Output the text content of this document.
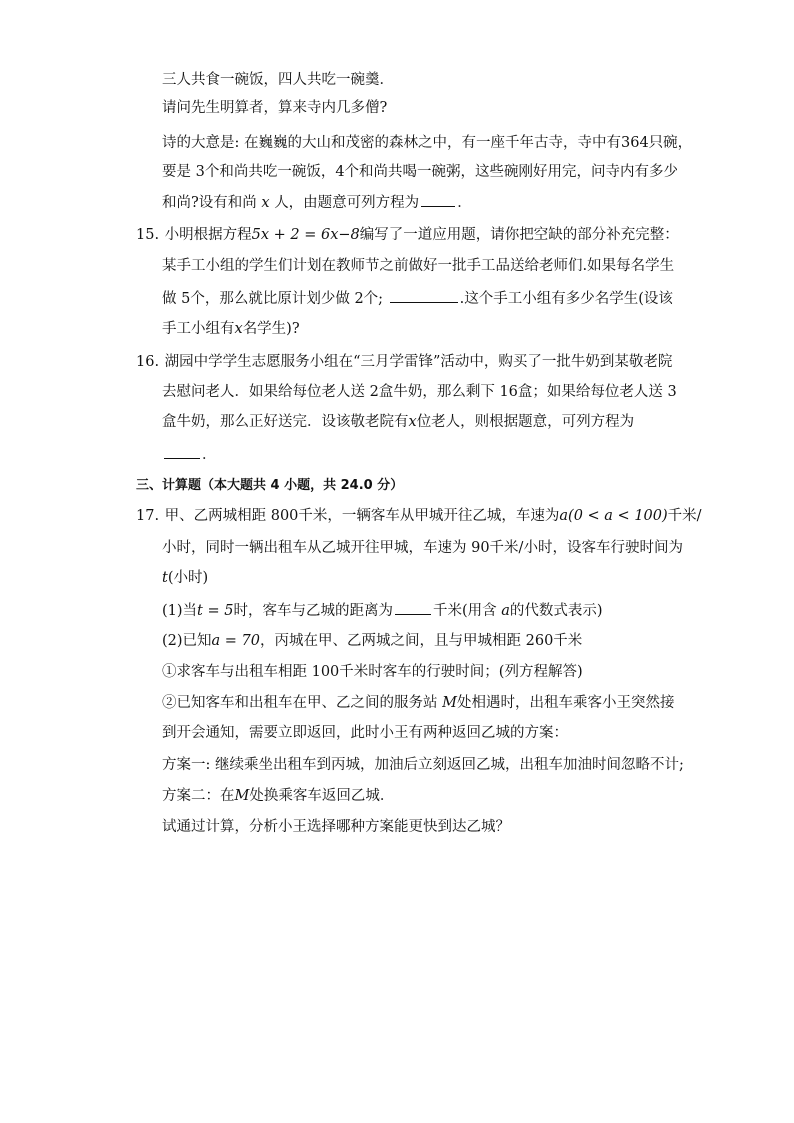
三人共食一碗饭，四人共吃一碗羹．
请问先生明算者，算来寺内几多僧?
诗的大意是: 在巍巍的大山和茂密的森林之中，有一座千年古寺，寺中有364只碗，
要是 3个和尚共吃一碗饭，4个和尚共喝一碗粥，这些碗刚好用完，问寺内有多少
和尚?设有和尚 x 人，由题意可列方程为	．
15. 小明根据方程5x + 2 = 6x−8编写了一道应用题，请你把空缺的部分补充完整：
某手工小组的学生们计划在教师节之前做好一批手工品送给老师们.如果每名学生
做 5个，那么就比原计划少做 2个;	.这个手工小组有多少名学生(设该
手工小组有x名学生)?
16. 湖园中学学生志愿服务小组在“三月学雷锋”活动中，购买了一批牛奶到某敬老院
去慰问老人．如果给每位老人送 2盒牛奶，那么剩下 16盒；如果给每位老人送 3
盒牛奶，那么正好送完．设该敬老院有x位老人，则根据题意，可列方程为
．
三、计算题（本大题共 4 小题，共 24.0 分）
17. 甲、乙两城相距 800千米，一辆客车从甲城开往乙城，车速为a(0 < a < 100)千米/
小时，同时一辆出租车从乙城开往甲城，车速为 90千米/小时，设客车行驶时间为
t(小时)
(1)当t = 5时，客车与乙城的距离为	千米(用含 a的代数式表示)
(2)已知a = 70，丙城在甲、乙两城之间，且与甲城相距 260千米
①求客车与出租车相距 100千米时客车的行驶时间；(列方程解答)
②已知客车和出租车在甲、乙之间的服务站 M处相遇时，出租车乘客小王突然接
到开会通知，需要立即返回，此时小王有两种返回乙城的方案：
方案一: 继续乘坐出租车到丙城，加油后立刻返回乙城，出租车加油时间忽略不计;
方案二：在M处换乘客车返回乙城．
试通过计算，分析小王选择哪种方案能更快到达乙城？
